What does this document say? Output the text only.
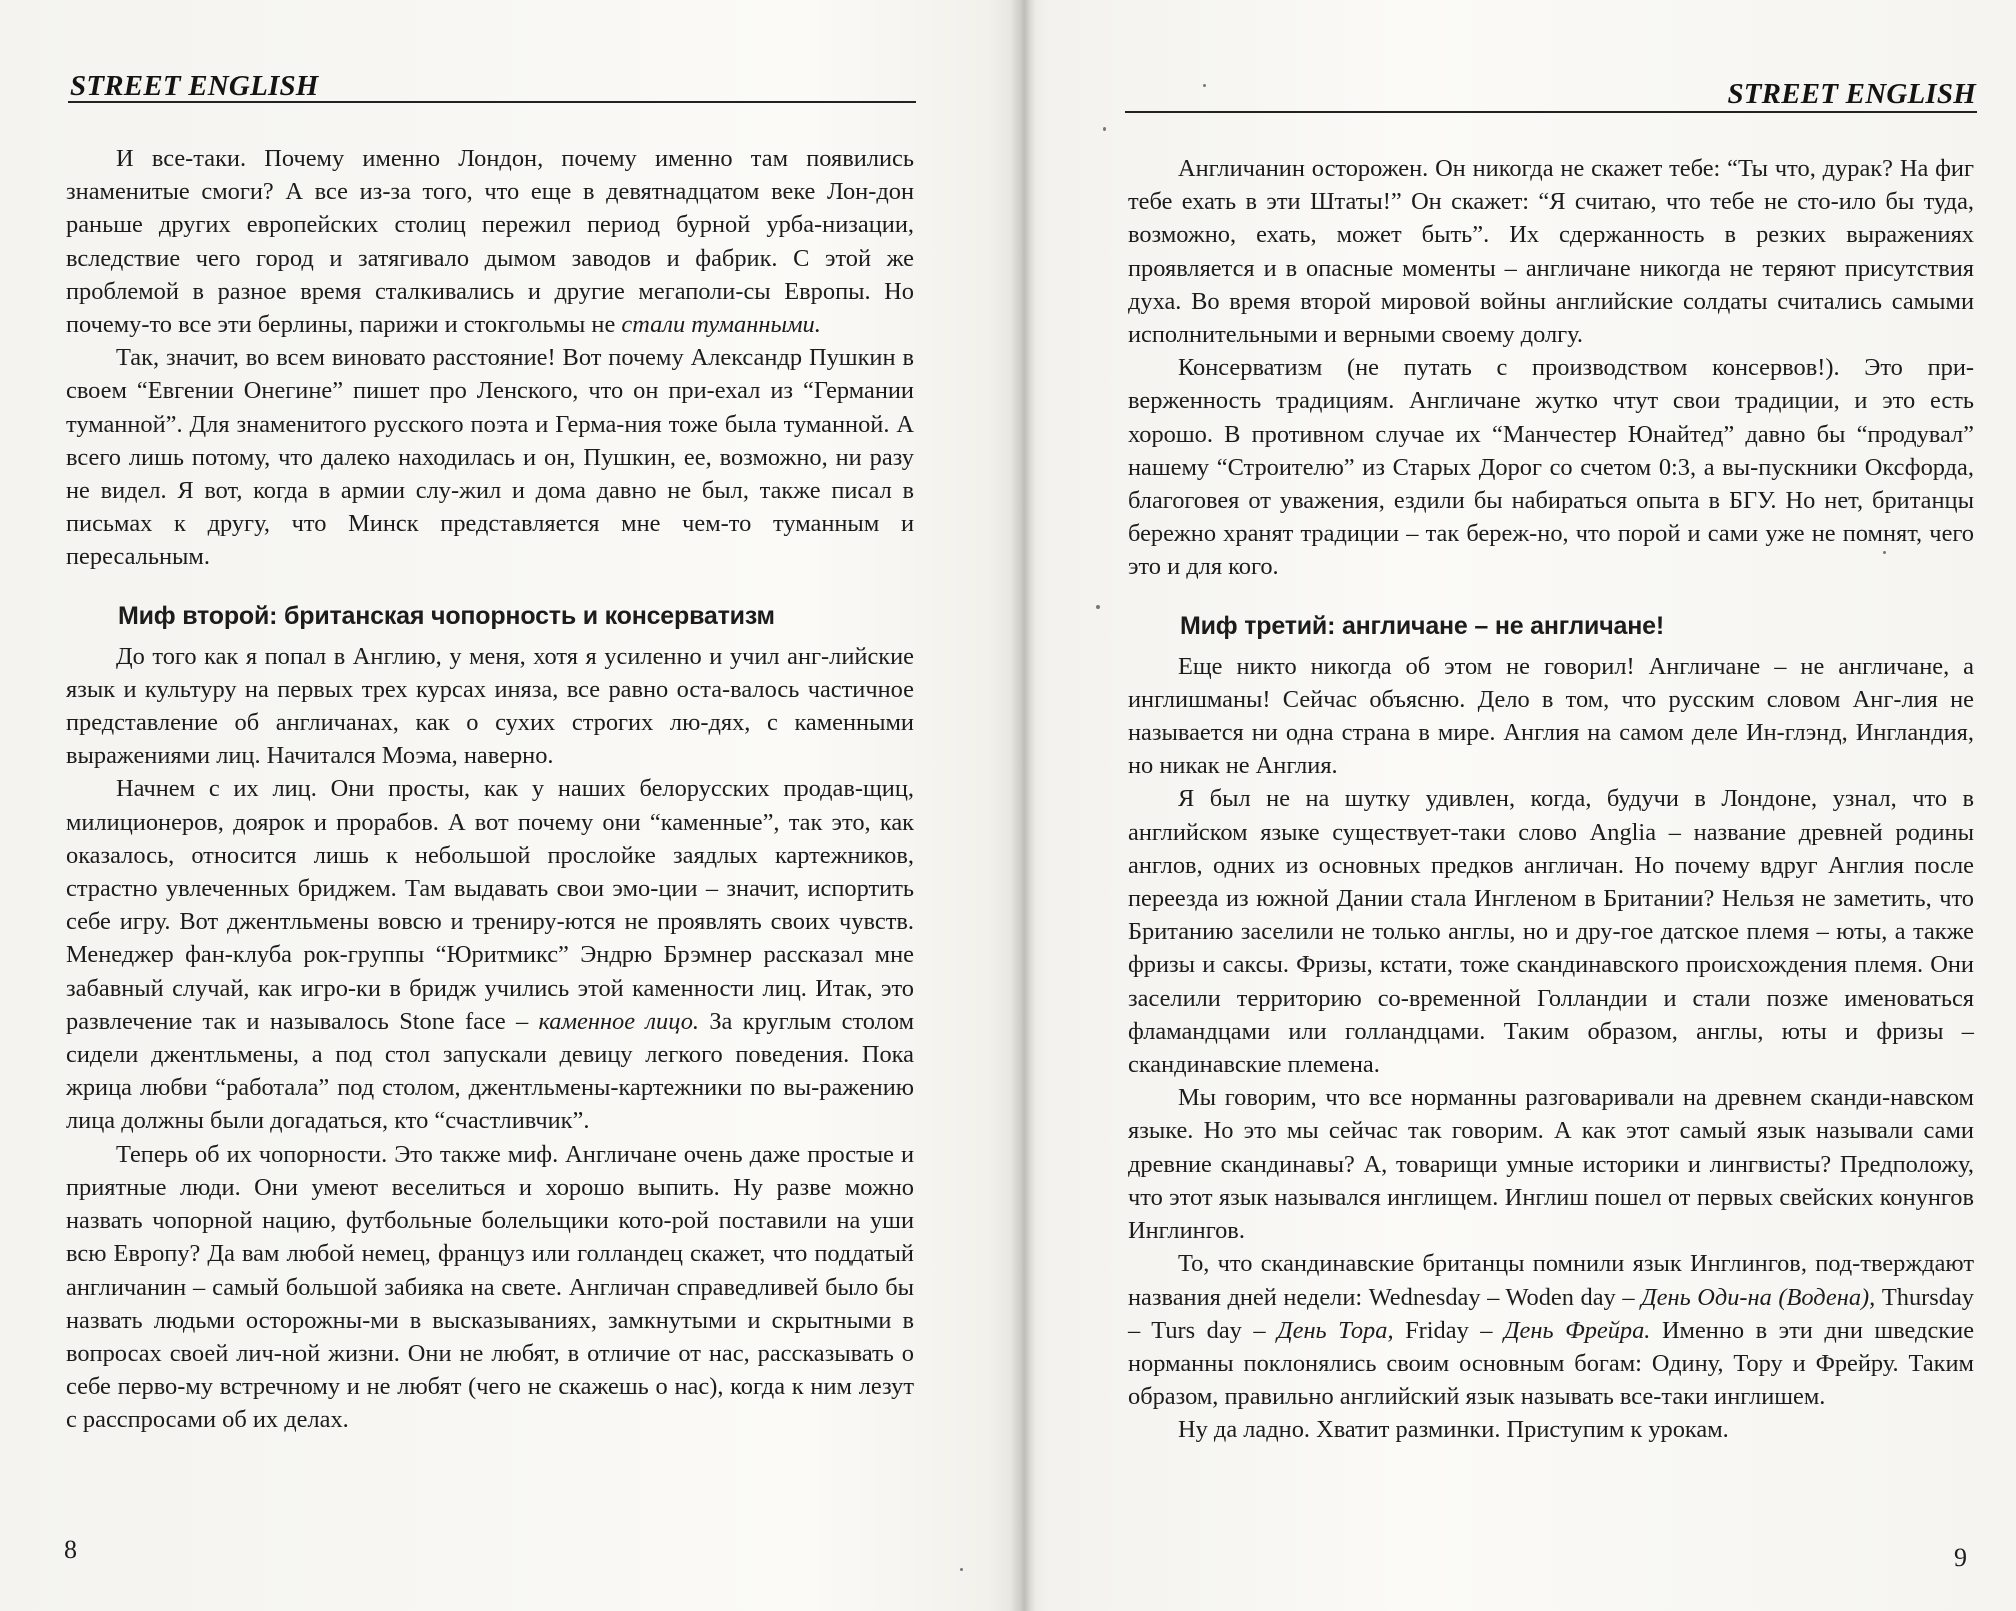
STREET ENGLISH

И все-таки. Почему именно Лондон, почему именно там появились знаменитые смоги? А все из-за того, что еще в девятнадцатом веке Лон-дон раньше других европейских столиц пережил период бурной урба-низации, вследствие чего город и затягивало дымом заводов и фабрик. С этой же проблемой в разное время сталкивались и другие мегаполи-сы Европы. Но почему-то все эти берлины, парижи и стокгольмы не стали туманными.

Так, значит, во всем виновато расстояние! Вот почему Александр Пушкин в своем “Евгении Онегине” пишет про Ленского, что он при-ехал из “Германии туманной”. Для знаменитого русского поэта и Герма-ния тоже была туманной. А всего лишь потому, что далеко находилась и он, Пушкин, ее, возможно, ни разу не видел. Я вот, когда в армии слу-жил и дома давно не был, также писал в письмах к другу, что Минск представляется мне чем-то туманным и пересальным.

Миф второй: британская чопорность и консерватизм

До того как я попал в Англию, у меня, хотя я усиленно и учил анг-лийские язык и культуру на первых трех курсах иняза, все равно оста-валось частичное представление об англичанах, как о сухих строгих лю-дях, с каменными выражениями лиц. Начитался Моэма, наверно.

Начнем с их лиц. Они просты, как у наших белорусских продав-щиц, милиционеров, доярок и прорабов. А вот почему они “каменные”, так это, как оказалось, относится лишь к небольшой прослойке заядлых картежников, страстно увлеченных бриджем. Там выдавать свои эмо-ции – значит, испортить себе игру. Вот джентльмены вовсю и трениру-ются не проявлять своих чувств. Менеджер фан-клуба рок-группы “Юритмикс” Эндрю Брэмнер рассказал мне забавный случай, как игро-ки в бридж учились этой каменности лиц. Итак, это развлечение так и называлось Stone face – каменное лицо. За круглым столом сидели джентльмены, а под стол запускали девицу легкого поведения. Пока жрица любви “работала” под столом, джентльмены-картежники по вы-ражению лица должны были догадаться, кто “счастливчик”.

Теперь об их чопорности. Это также миф. Англичане очень даже простые и приятные люди. Они умеют веселиться и хорошо выпить. Ну разве можно назвать чопорной нацию, футбольные болельщики кото-рой поставили на уши всю Европу? Да вам любой немец, француз или голландец скажет, что поддатый англичанин – самый большой забияка на свете. Англичан справедливей было бы назвать людьми осторожны-ми в высказываниях, замкнутыми и скрытными в вопросах своей лич-ной жизни. Они не любят, в отличие от нас, рассказывать о себе перво-му встречному и не любят (чего не скажешь о нас), когда к ним лезут с расспросами об их делах.

8
STREET ENGLISH

Англичанин осторожен. Он никогда не скажет тебе: “Ты что, дурак? На фиг тебе ехать в эти Штаты!” Он скажет: “Я считаю, что тебе не сто-ило бы туда, возможно, ехать, может быть”. Их сдержанность в резких выражениях проявляется и в опасные моменты – англичане никогда не теряют присутствия духа. Во время второй мировой войны английские солдаты считались самыми исполнительными и верными своему долгу.

Консерватизм (не путать с производством консервов!). Это при-верженность традициям. Англичане жутко чтут свои традиции, и это есть хорошо. В противном случае их “Манчестер Юнайтед” давно бы “продувал” нашему “Строителю” из Старых Дорог со счетом 0:3, а вы-пускники Оксфорда, благоговея от уважения, ездили бы набираться опыта в БГУ. Но нет, британцы бережно хранят традиции – так береж-но, что порой и сами уже не помнят, чего это и для кого.

Миф третий: англичане – не англичане!

Еще никто никогда об этом не говорил! Англичане – не англичане, а инглишманы! Сейчас объясню. Дело в том, что русским словом Анг-лия не называется ни одна страна в мире. Англия на самом деле Ин-глэнд, Ингландия, но никак не Англия.

Я был не на шутку удивлен, когда, будучи в Лондоне, узнал, что в английском языке существует-таки слово Anglia – название древней родины англов, одних из основных предков англичан. Но почему вдруг Англия после переезда из южной Дании стала Ингленом в Британии? Нельзя не заметить, что Британию заселили не только англы, но и дру-гое датское племя – юты, а также фризы и саксы. Фризы, кстати, тоже скандинавского происхождения племя. Они заселили территорию со-временной Голландии и стали позже именоваться фламандцами или голландцами. Таким образом, англы, юты и фризы – скандинавские племена.

Мы говорим, что все норманны разговаривали на древнем сканди-навском языке. Но это мы сейчас так говорим. А как этот самый язык называли сами древние скандинавы? А, товарищи умные историки и лингвисты? Предположу, что этот язык назывался инглищем. Инглиш пошел от первых свейских конунгов Инглингов.

То, что скандинавские британцы помнили язык Инглингов, под-тверждают названия дней недели: Wednesday – Woden day – День Оди-на (Водена), Thursday – Turs day – День Тора, Friday – День Фрейра. Именно в эти дни шведские норманны поклонялись своим основным богам: Одину, Тору и Фрейру. Таким образом, правильно английский язык называть все-таки инглишем.

Ну да ладно. Хватит разминки. Приступим к урокам.

9
